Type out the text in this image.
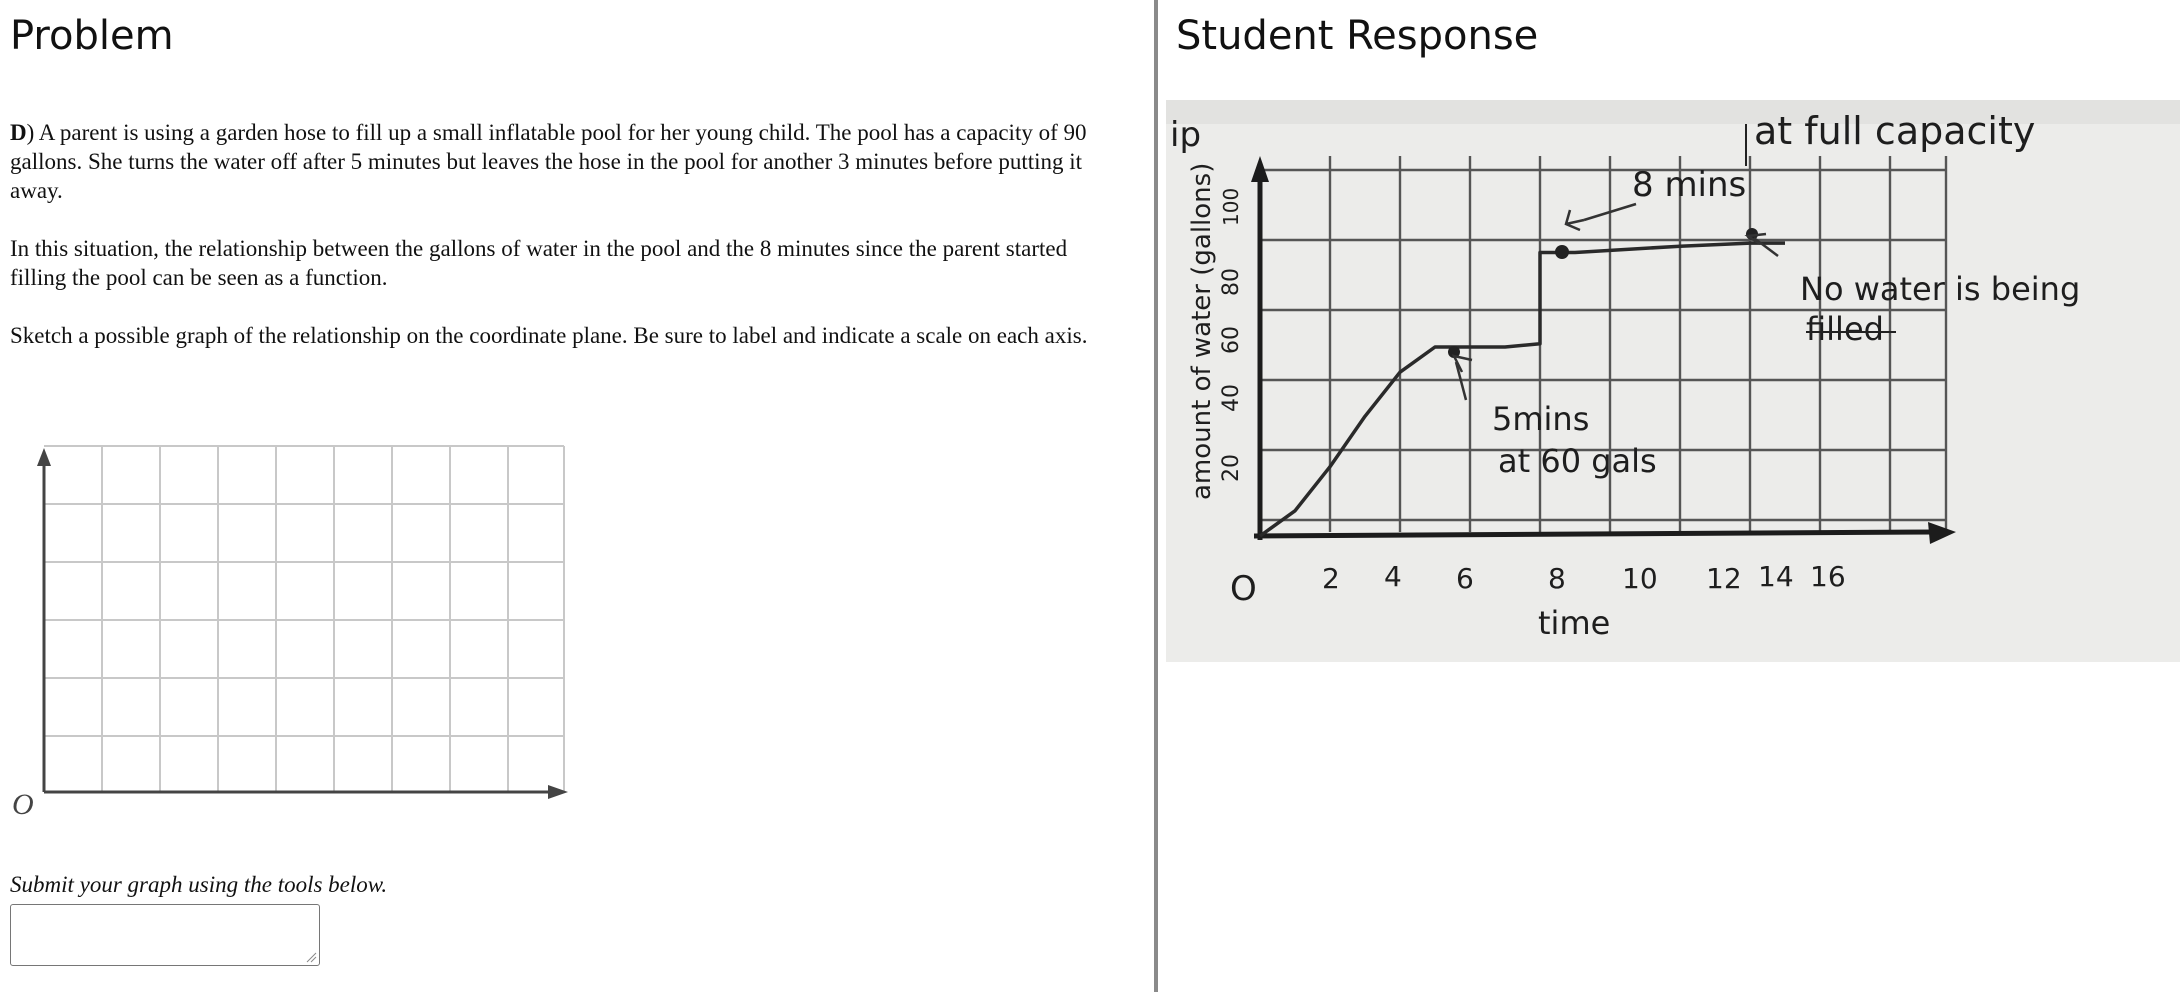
Problem

D) A parent is using a garden hose to fill up a small inflatable pool for her young child. The pool has a capacity of 90 gallons. She turns the water off after 5 minutes but leaves the hose in the pool for another 3 minutes before putting it away.

In this situation, the relationship between the gallons of water in the pool and the 8 minutes since the parent started filling the pool can be seen as a function.

Sketch a possible graph of the relationship on the coordinate plane. Be sure to label and indicate a scale on each axis.

O
Submit your graph using the tools below.
Student Response
ip
amount of water (gallons) 20
40
60
80
100
O 2 4 6	8 10 12 14 16
time
8 mins
at full capacity
5mins
at 60 gals
No water is being
filled
